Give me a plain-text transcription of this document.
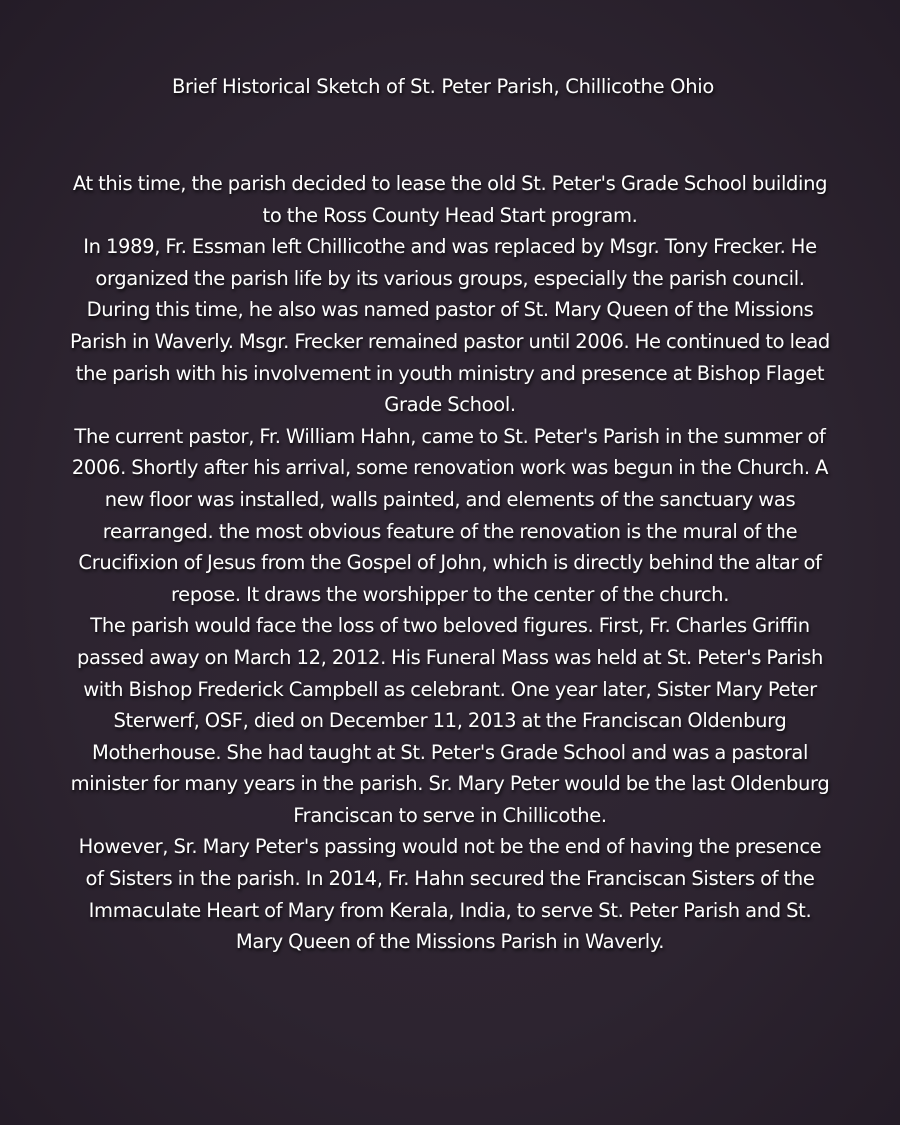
Brief Historical Sketch of St. Peter Parish, Chillicothe Ohio

At this time, the parish decided to lease the old St. Peter's Grade School building to the Ross County Head Start program.

In 1989, Fr. Essman left Chillicothe and was replaced by Msgr. Tony Frecker. He organized the parish life by its various groups, especially the parish council. During this time, he also was named pastor of St. Mary Queen of the Missions Parish in Waverly. Msgr. Frecker remained pastor until 2006. He continued to lead the parish with his involvement in youth ministry and presence at Bishop Flaget Grade School.

The current pastor, Fr. William Hahn, came to St. Peter's Parish in the summer of 2006. Shortly after his arrival, some renovation work was begun in the Church. A new floor was installed, walls painted, and elements of the sanctuary was rearranged. the most obvious feature of the renovation is the mural of the Crucifixion of Jesus from the Gospel of John, which is directly behind the altar of repose. It draws the worshipper to the center of the church.

The parish would face the loss of two beloved figures. First, Fr. Charles Griffin passed away on March 12, 2012. His Funeral Mass was held at St. Peter's Parish with Bishop Frederick Campbell as celebrant. One year later, Sister Mary Peter Sterwerf, OSF, died on December 11, 2013 at the Franciscan Oldenburg Motherhouse. She had taught at St. Peter's Grade School and was a pastoral minister for many years in the parish. Sr. Mary Peter would be the last Oldenburg Franciscan to serve in Chillicothe.

However, Sr. Mary Peter's passing would not be the end of having the presence of Sisters in the parish. In 2014, Fr. Hahn secured the Franciscan Sisters of the Immaculate Heart of Mary from Kerala, India, to serve St. Peter Parish and St. Mary Queen of the Missions Parish in Waverly.
